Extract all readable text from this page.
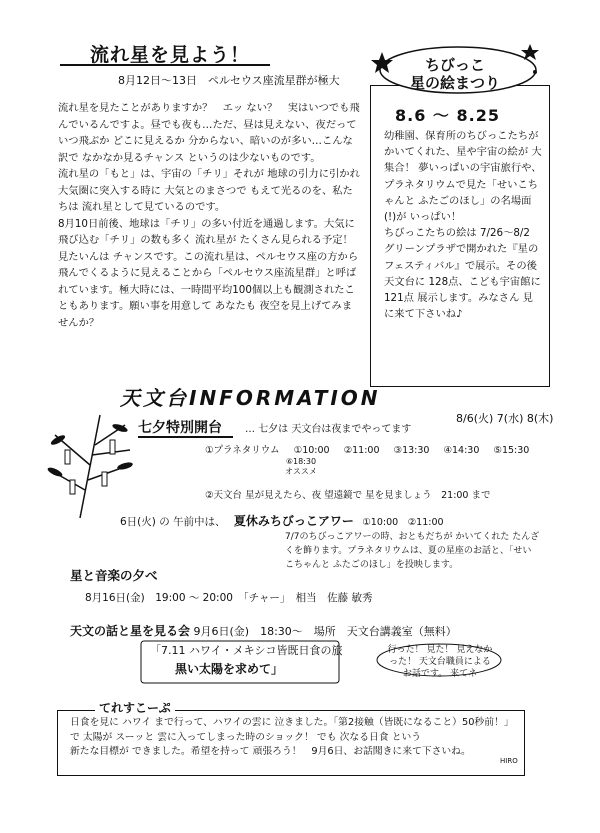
流れ星を見よう！
8月12日〜13日　ペルセウス座流星群が極大

流れ星を見たことがありますか？　エッ ない？　実はいつでも飛んでいるんですよ。昼でも夜も…ただ、昼は見えない、夜だって いつ飛ぶか どこに見えるか 分からない、暗いのが多い…こんな訳で なかなか見るチャンス というのは少ないものです。

流れ星の「もと」は、宇宙の「チリ」それが 地球の引力に引かれ 大気圏に突入する時に 大気とのまさつで もえて光るのを、私たちは 流れ星として見ているのです。

8月10日前後、地球は「チリ」の多い付近を通過します。大気に飛び込む「チリ」の数も多く 流れ星が たくさん見られる予定！ 見たいんは チャンスです。この流れ星は、ペルセウス座の方から 飛んでくるように見えることから「ペルセウス座流星群」と呼ばれています。極大時には、一時間平均100個以上も観測されたこともあります。願い事を用意して あなたも 夜空を見上げてみませんか？

ちびっこ
星の絵まつり
8.6 ～ 8.25

幼稚園、保育所のちびっこたちが かいてくれた、星や宇宙の絵が 大集合！ 夢いっぱいの宇宙旅行や、プラネタリウムで見た「せいこちゃんと ふたごのほし」の名場面(!)が いっぱい！

ちびっこたちの絵は 7/26〜8/2 グリーンプラザで開かれた『星のフェスティバル』で展示。その後 天文台に 128点、こども宇宙館に 121点 展示します。みなさん 見に来て下さいね♪

天文台INFORMATION
8/6(火) 7(水) 8(木)
七夕特別開台 … 七夕は 天文台は夜までやってます
①プラネタリウム ①10:00 ②11:00 ③13:30 ④14:30 ⑤15:30
⑥18:30
オススメ
②天文台 星が見えたら、夜 望遠鏡で 星を見ましょう　21:00 まで
6日(火) の 午前中は、 夏休みちびっこアワー ①10:00　②11:00
7/7のちびっこアワーの時、おともだちが かいてくれた たんざくを飾ります。プラネタリウムは、夏の星座のお話と、「せいこちゃんと ふたごのほし」を投映します。
星と音楽の夕べ
8月16日(金)　19:00 ～ 20:00　「チャー」　相当　佐藤 敏秀
天文の話と星を見る会 9月6日(金)　18:30～　場所　天文台講義室（無料）
「7.11 ハワイ・メキシコ皆既日食の旅
黒い太陽を求めて」
行った！ 見た！ 見えなかった！ 天文台職員による お話です。 来てネ
てれすこーぷ

日食を見に ハワイ まで行って、ハワイの雲に 泣きました。「第2接触（皆既になること）50秒前！」で 太陽が スーッと 雲に入ってしまった時のショック！ でも 次なる日食 という

新たな目標が できました。希望を持って 頑張ろう！　9月6日、お話聞きに来て下さいね。

HIRO
